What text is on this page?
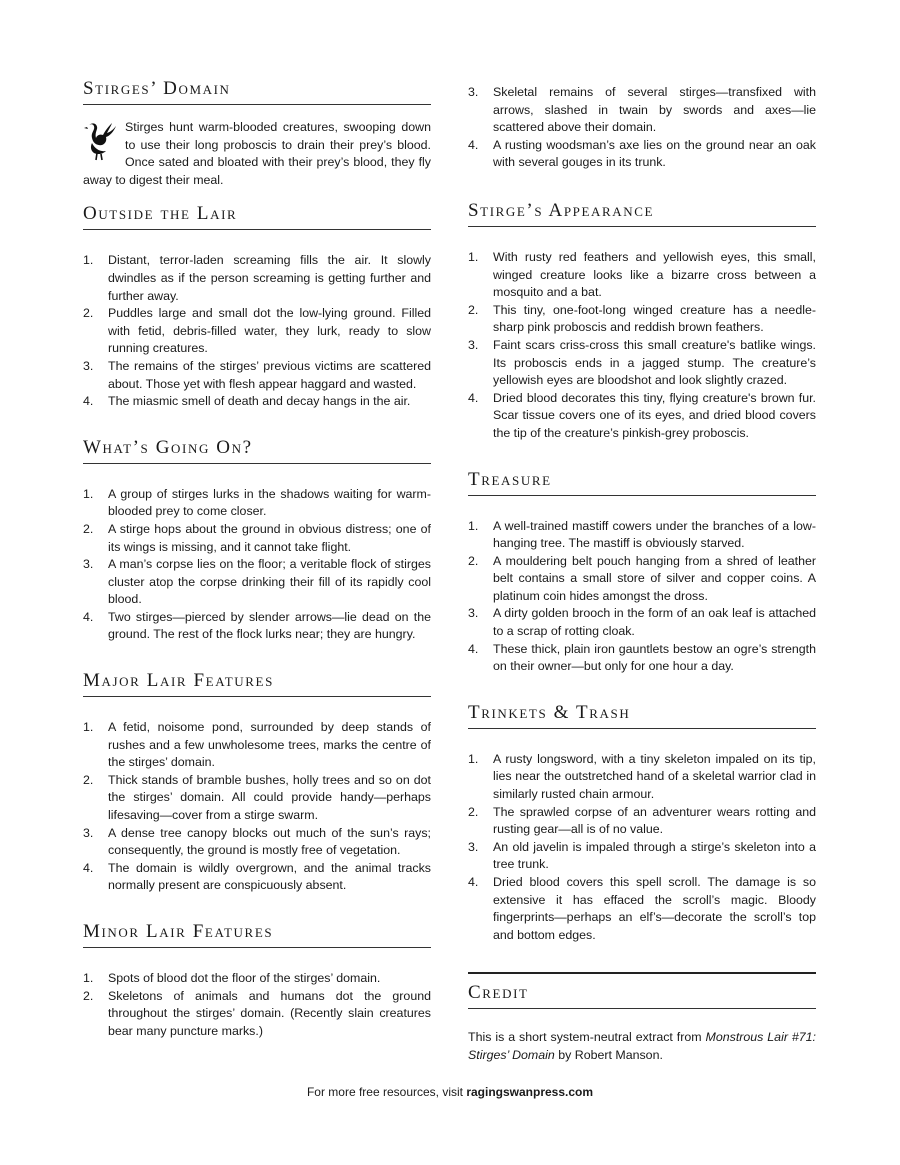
Stirges’ Domain

Stirges hunt warm-blooded creatures, swooping down to use their long proboscis to drain their prey’s blood. Once sated and bloated with their prey’s blood, they fly away to digest their meal.

Outside the Lair
1. Distant, terror-laden screaming fills the air. It slowly dwindles as if the person screaming is getting further and further away.
2. Puddles large and small dot the low-lying ground. Filled with fetid, debris-filled water, they lurk, ready to slow running creatures.
3. The remains of the stirges’ previous victims are scattered about. Those yet with flesh appear haggard and wasted.
4. The miasmic smell of death and decay hangs in the air.
What’s Going On?
1. A group of stirges lurks in the shadows waiting for warm-blooded prey to come closer.
2. A stirge hops about the ground in obvious distress; one of its wings is missing, and it cannot take flight.
3. A man’s corpse lies on the floor; a veritable flock of stirges cluster atop the corpse drinking their fill of its rapidly cool blood.
4. Two stirges—pierced by slender arrows—lie dead on the ground. The rest of the flock lurks near; they are hungry.
Major Lair Features
1. A fetid, noisome pond, surrounded by deep stands of rushes and a few unwholesome trees, marks the centre of the stirges’ domain.
2. Thick stands of bramble bushes, holly trees and so on dot the stirges’ domain. All could provide handy—perhaps lifesaving—cover from a stirge swarm.
3. A dense tree canopy blocks out much of the sun’s rays; consequently, the ground is mostly free of vegetation.
4. The domain is wildly overgrown, and the animal tracks normally present are conspicuously absent.
Minor Lair Features
1. Spots of blood dot the floor of the stirges’ domain.
2. Skeletons of animals and humans dot the ground throughout the stirges’ domain. (Recently slain creatures bear many puncture marks.)
3. Skeletal remains of several stirges—transfixed with arrows, slashed in twain by swords and axes—lie scattered above their domain.
4. A rusting woodsman’s axe lies on the ground near an oak with several gouges in its trunk.
Stirge’s Appearance
1. With rusty red feathers and yellowish eyes, this small, winged creature looks like a bizarre cross between a mosquito and a bat.
2. This tiny, one-foot-long winged creature has a needle-sharp pink proboscis and reddish brown feathers.
3. Faint scars criss-cross this small creature's batlike wings. Its proboscis ends in a jagged stump. The creature’s yellowish eyes are bloodshot and look slightly crazed.
4. Dried blood decorates this tiny, flying creature's brown fur. Scar tissue covers one of its eyes, and dried blood covers the tip of the creature’s pinkish-grey proboscis.
Treasure
1. A well-trained mastiff cowers under the branches of a low-hanging tree. The mastiff is obviously starved.
2. A mouldering belt pouch hanging from a shred of leather belt contains a small store of silver and copper coins. A platinum coin hides amongst the dross.
3. A dirty golden brooch in the form of an oak leaf is attached to a scrap of rotting cloak.
4. These thick, plain iron gauntlets bestow an ogre’s strength on their owner—but only for one hour a day.
Trinkets & Trash
1. A rusty longsword, with a tiny skeleton impaled on its tip, lies near the outstretched hand of a skeletal warrior clad in similarly rusted chain armour.
2. The sprawled corpse of an adventurer wears rotting and rusting gear—all is of no value.
3. An old javelin is impaled through a stirge’s skeleton into a tree trunk.
4. Dried blood covers this spell scroll. The damage is so extensive it has effaced the scroll’s magic. Bloody fingerprints—perhaps an elf’s—decorate the scroll’s top and bottom edges.
Credit

This is a short system-neutral extract from Monstrous Lair #71: Stirges’ Domain by Robert Manson.

For more free resources, visit ragingswanpress.com
